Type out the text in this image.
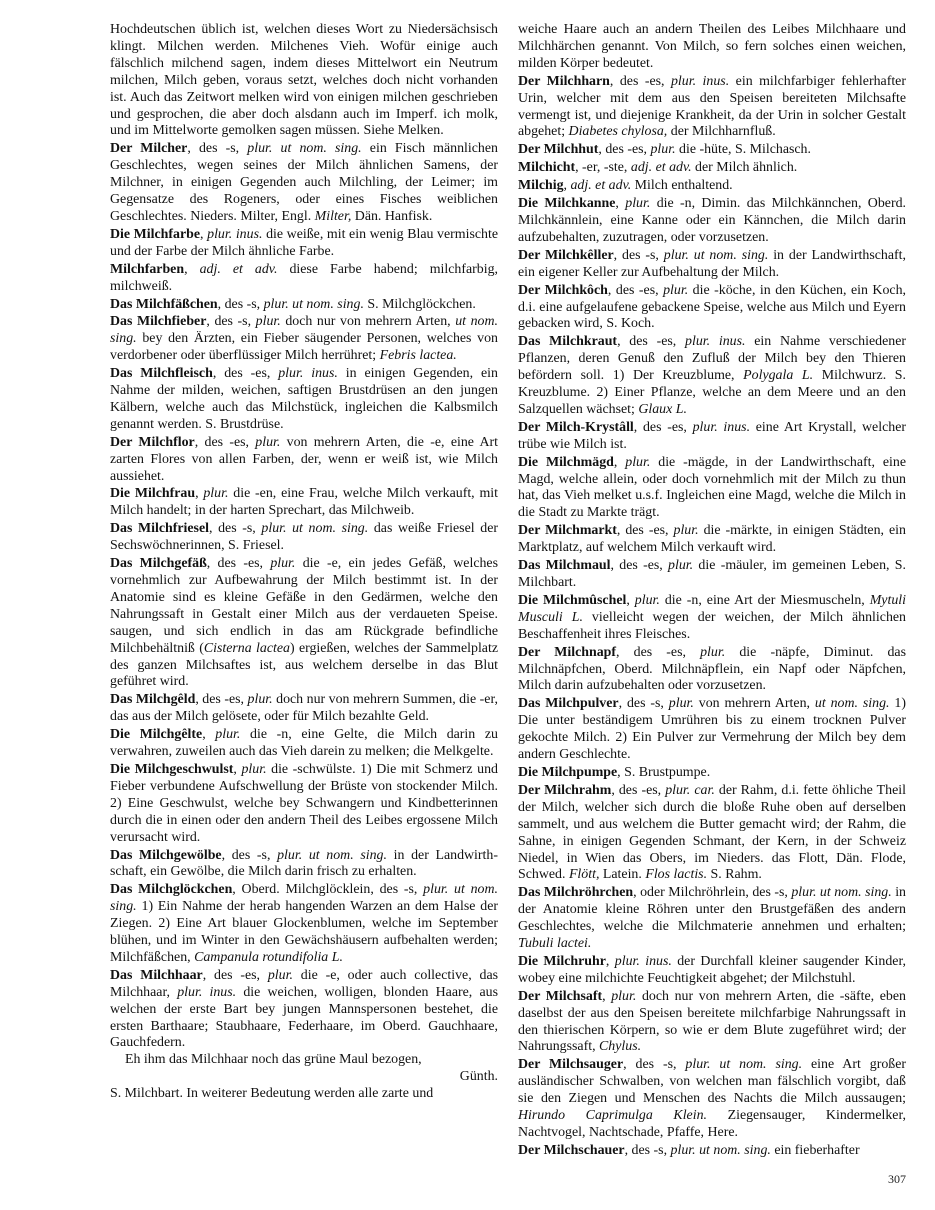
Hochdeutschen üblich ist, welchen dieses Wort zu Niedersächsisch klingt. Milchen werden. Milchenes Vieh. Wofür einige auch fälschlich milchend sagen, indem dieses Mittelwort ein Neutrum milchen, Milch geben, voraus setzt, welches doch nicht vorhanden ist. Auch das Zeitwort melken wird von einigen milchen geschrieben und gesprochen, die aber doch alsdann auch im Imperf. ich molk, und im Mittelworte gemolken sagen müssen. Siehe Melken.

Der Milcher, des -s, plur. ut nom. sing. ein Fisch männlichen Geschlechtes, wegen seines der Milch ähnlichen Samens, der Milchner, in einigen Gegenden auch Milchling, der Leimer; im Gegensatze des Rogeners, oder eines Fisches weiblichen Geschlechtes. Nieders. Milter, Engl. Milter, Dän. Hanfisk.

Die Milchfarbe, plur. inus. die weiße, mit ein wenig Blau vermischte und der Farbe der Milch ähnliche Farbe.

Milchfarben, adj. et adv. diese Farbe habend; milchfarbig, milchweiß.

Das Milchfäßchen, des -s, plur. ut nom. sing. S. Milchglöckchen.

Das Milchfieber, des -s, plur. doch nur von mehrern Arten, ut nom. sing. bey den Ärzten, ein Fieber säugender Personen, welches von verdorbener oder überflüssiger Milch herrühret; Febris lactea.

Das Milchfleisch, des -es, plur. inus. in einigen Gegenden, ein Nahme der milden, weichen, saftigen Brustdrüsen an den jungen Kälbern, welche auch das Milchstück, ingleichen die Kalbsmilch genannt werden. S. Brustdrüse.

Der Milchflor, des -es, plur. von mehrern Arten, die -e, eine Art zarten Flores von allen Farben, der, wenn er weiß ist, wie Milch aussiehet.

Die Milchfrau, plur. die -en, eine Frau, welche Milch verkauft, mit Milch handelt; in der harten Sprechart, das Milchweib.

Das Milchfriesel, des -s, plur. ut nom. sing. das weiße Friesel der Sechswöchnerinnen, S. Friesel.

Das Milchgefäß, des -es, plur. die -e, ein jedes Gefäß, welches vornehmlich zur Aufbewahrung der Milch bestimmt ist. In der Anatomie sind es kleine Gefäße in den Gedärmen, welche den Nahrungssaft in Gestalt einer Milch aus der verdaueten Speise. saugen, und sich endlich in das am Rückgrade befindliche Milchbehältniß (Cisterna lactea) ergießen, welches der Sammelplatz des ganzen Milchsaftes ist, aus welchem derselbe in das Blut geführet wird.

Das Milchgêld, des -es, plur. doch nur von mehrern Summen, die -er, das aus der Milch gelösete, oder für Milch bezahlte Geld.

Die Milchgêlte, plur. die -n, eine Gelte, die Milch darin zu verwahren, zuweilen auch das Vieh darein zu melken; die Melkgelte.

Die Milchgeschwulst, plur. die -schwülste. 1) Die mit Schmerz und Fieber verbundene Aufschwellung der Brüste von stockender Milch. 2) Eine Geschwulst, welche bey Schwangern und Kindbetterinnen durch die in einen oder den andern Theil des Leibes ergossene Milch verursacht wird.

Das Milchgewölbe, des -s, plur. ut nom. sing. in der Landwirthschaft, ein Gewölbe, die Milch darin frisch zu erhalten.

Das Milchglöckchen, Oberd. Milchglöcklein, des -s, plur. ut nom. sing. 1) Ein Nahme der herab hangenden Warzen an dem Halse der Ziegen. 2) Eine Art blauer Glockenblumen, welche im September blühen, und im Winter in den Gewächshäusern aufbehalten werden; Milchfäßchen, Campanula rotundifolia L.

Das Milchhaar, des -es, plur. die -e, oder auch collective, das Milchhaar, plur. inus. die weichen, wolligen, blonden Haare, aus welchen der erste Bart bey jungen Mannspersonen bestehet, die ersten Barthaare; Staubhaare, Federhaare, im Oberd. Gauchhaare, Gauchfedern.

Eh ihm das Milchhaar noch das grüne Maul bezogen,

Günth.

S. Milchbart. In weiterer Bedeutung werden alle zarte und

weiche Haare auch an andern Theilen des Leibes Milchhaare und Milchhärchen genannt. Von Milch, so fern solches einen weichen, milden Körper bedeutet.

Der Milchharn, des -es, plur. inus. ein milchfarbiger fehlerhafter Urin, welcher mit dem aus den Speisen bereiteten Milchsafte vermengt ist, und diejenige Krankheit, da der Urin in solcher Gestalt abgehet; Diabetes chylosa, der Milchharnfluß.

Der Milchhut, des -es, plur. die -hüte, S. Milchasch.

Milchicht, -er, -ste, adj. et adv. der Milch ähnlich.

Milchig, adj. et adv. Milch enthaltend.

Die Milchkanne, plur. die -n, Dimin. das Milchkännchen, Oberd. Milchkännlein, eine Kanne oder ein Kännchen, die Milch darin aufzubehalten, zuzutragen, oder vorzusetzen.

Der Milchkêller, des -s, plur. ut nom. sing. in der Landwirthschaft, ein eigener Keller zur Aufbehaltung der Milch.

Der Milchkôch, des -es, plur. die -köche, in den Küchen, ein Koch, d.i. eine aufgelaufene gebackene Speise, welche aus Milch und Eyern gebacken wird, S. Koch.

Das Milchkraut, des -es, plur. inus. ein Nahme verschiedener Pflanzen, deren Genuß den Zufluß der Milch bey den Thieren befördern soll. 1) Der Kreuzblume, Polygala L. Milchwurz. S. Kreuzblume. 2) Einer Pflanze, welche an dem Meere und an den Salzquellen wächset; Glaux L.

Der Milch-Krystâll, des -es, plur. inus. eine Art Krystall, welcher trübe wie Milch ist.

Die Milchmägd, plur. die -mägde, in der Landwirthschaft, eine Magd, welche allein, oder doch vornehmlich mit der Milch zu thun hat, das Vieh melket u.s.f. Ingleichen eine Magd, welche die Milch in die Stadt zu Markte trägt.

Der Milchmarkt, des -es, plur. die -märkte, in einigen Städten, ein Marktplatz, auf welchem Milch verkauft wird.

Das Milchmaul, des -es, plur. die -mäuler, im gemeinen Leben, S. Milchbart.

Die Milchmûschel, plur. die -n, eine Art der Miesmuscheln, Mytuli Musculi L. vielleicht wegen der weichen, der Milch ähnlichen Beschaffenheit ihres Fleisches.

Der Milchnapf, des -es, plur. die -näpfe, Diminut. das Milchnäpfchen, Oberd. Milchnäpflein, ein Napf oder Näpfchen, Milch darin aufzubehalten oder vorzusetzen.

Das Milchpulver, des -s, plur. von mehrern Arten, ut nom. sing. 1) Die unter beständigem Umrühren bis zu einem trocknen Pulver gekochte Milch. 2) Ein Pulver zur Vermehrung der Milch bey dem andern Geschlechte.

Die Milchpumpe, S. Brustpumpe.

Der Milchrahm, des -es, plur. car. der Rahm, d.i. fette öhliche Theil der Milch, welcher sich durch die bloße Ruhe oben auf derselben sammelt, und aus welchem die Butter gemacht wird; der Rahm, die Sahne, in einigen Gegenden Schmant, der Kern, in der Schweiz Niedel, in Wien das Obers, im Nieders. das Flott, Dän. Flode, Schwed. Flött, Latein. Flos lactis. S. Rahm.

Das Milchröhrchen, oder Milchröhrlein, des -s, plur. ut nom. sing. in der Anatomie kleine Röhren unter den Brustgefäßen des andern Geschlechtes, welche die Milchmaterie annehmen und erhalten; Tubuli lactei.

Die Milchruhr, plur. inus. der Durchfall kleiner saugender Kinder, wobey eine milchichte Feuchtigkeit abgehet; der Milchstuhl.

Der Milchsaft, plur. doch nur von mehrern Arten, die -säfte, eben daselbst der aus den Speisen bereitete milchfarbige Nahrungssaft in den thierischen Körpern, so wie er dem Blute zugeführet wird; der Nahrungssaft, Chylus.

Der Milchsauger, des -s, plur. ut nom. sing. eine Art großer ausländischer Schwalben, von welchen man fälschlich vorgibt, daß sie den Ziegen und Menschen des Nachts die Milch aussaugen; Hirundo Caprimulga Klein. Ziegensauger, Kindermelker, Nachtvogel, Nachtschade, Pfaffe, Here.

Der Milchschauer, des -s, plur. ut nom. sing. ein fieberhafter

307
